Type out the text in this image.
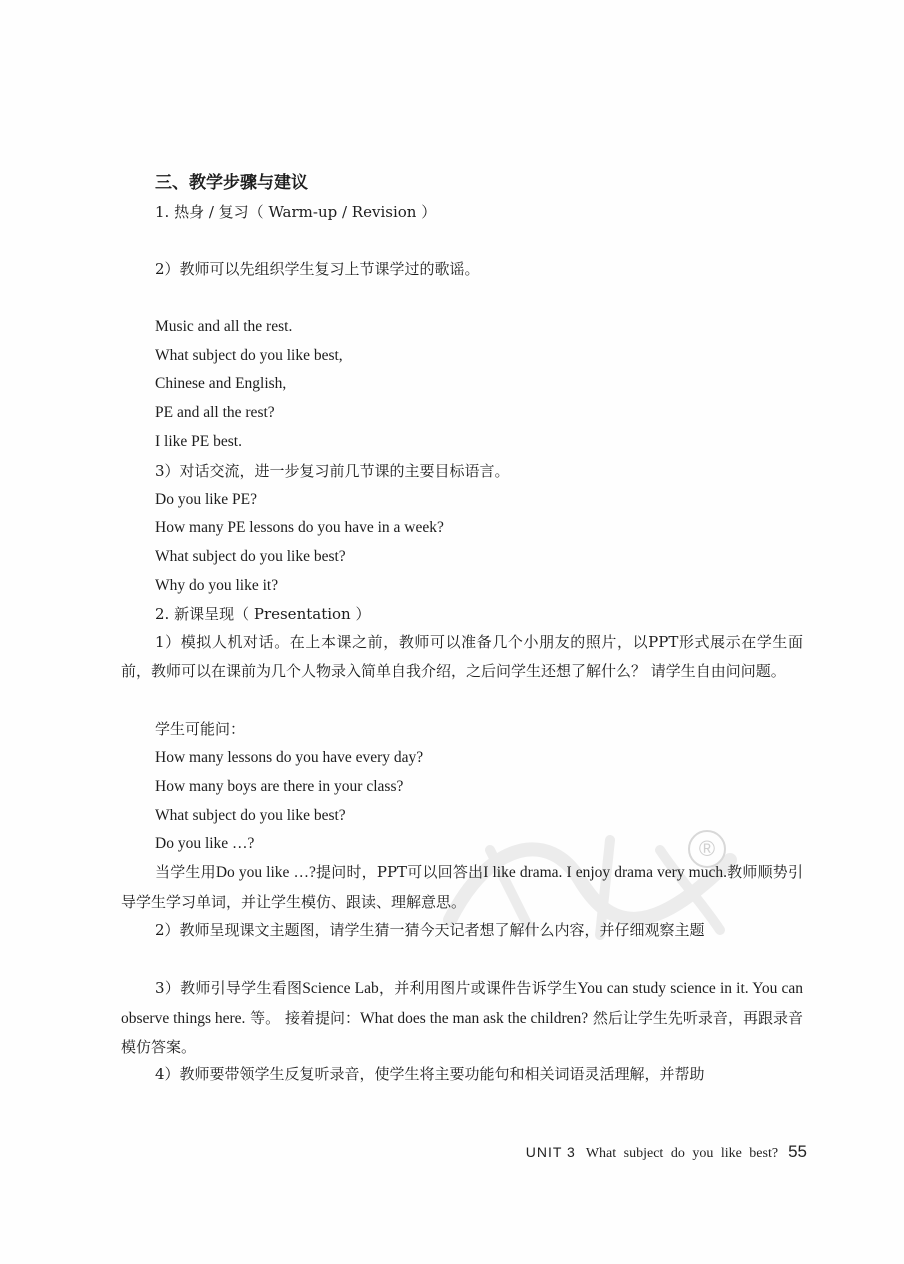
®
三、教学步骤与建议
1. 热身 / 复习（ Warm-up / Revision ）
2）教师可以先组织学生复习上节课学过的歌谣。
Music and all the rest.
What subject do you like best,
Chinese and English,
PE and all the rest?
I like PE best.
3）对话交流，进一步复习前几节课的主要目标语言。
Do you like PE?
How many PE lessons do you have in a week?
What subject do you like best?
Why do you like it?
2. 新课呈现（ Presentation ）
1）模拟人机对话。在上本课之前，教师可以准备几个小朋友的照片，以PPT形式展示在学生面前，教师可以在课前为几个人物录入简单自我介绍，之后问学生还想了解什么？ 请学生自由问问题。
学生可能问：
How many lessons do you have every day?
How many boys are there in your class?
What subject do you like best?
Do you like …?
当学生用Do you like …?提问时，PPT可以回答出I like drama. I enjoy drama very much.教师顺势引导学生学习单词，并让学生模仿、跟读、理解意思。
2）教师呈现课文主题图，请学生猜一猜今天记者想了解什么内容，并仔细观察主题
3）教师引导学生看图Science Lab，并利用图片或课件告诉学生You can study science in it. You can observe things here. 等。 接着提问：What does the man ask the children? 然后让学生先听录音，再跟录音模仿答案。
4）教师要带领学生反复听录音，使学生将主要功能句和相关词语灵活理解，并帮助
UNIT 3 What subject do you like best? 55
